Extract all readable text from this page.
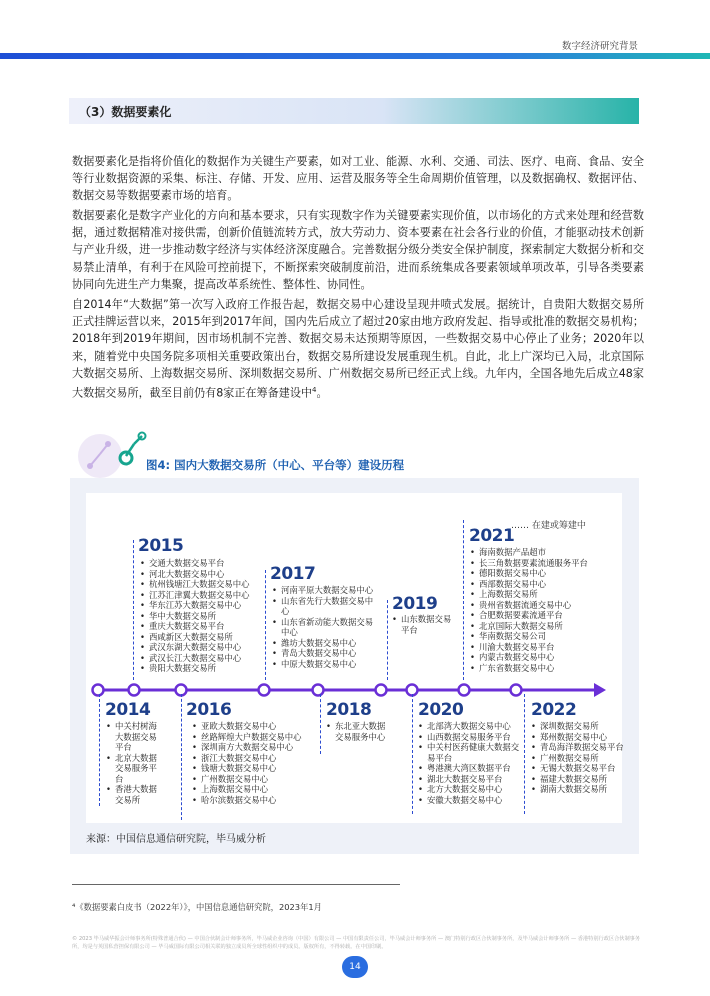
数字经济研究背景
（3）数据要素化

数据要素化是指将价值化的数据作为关键生产要素，如对工业、能源、水利、交通、司法、医疗、电商、食品、安全等行业数据资源的采集、标注、存储、开发、应用、运营及服务等全生命周期价值管理，以及数据确权、数据评估、数据交易等数据要素市场的培育。

数据要素化是数字产业化的方向和基本要求，只有实现数字作为关键要素实现价值，以市场化的方式来处理和经营数据，通过数据精准对接供需，创新价值链流转方式，放大劳动力、资本要素在社会各行业的价值，才能驱动技术创新与产业升级，进一步推动数字经济与实体经济深度融合。完善数据分级分类安全保护制度，探索制定大数据分析和交易禁止清单，有利于在风险可控前提下，不断探索突破制度前沿，进而系统集成各要素领域单项改革，引导各类要素协同向先进生产力集聚，提高改革系统性、整体性、协同性。

自2014年“大数据”第一次写入政府工作报告起，数据交易中心建设呈现井喷式发展。据统计，自贵阳大数据交易所正式挂牌运营以来，2015年到2017年间，国内先后成立了超过20家由地方政府发起、指导或批准的数据交易机构；2018年到2019年期间，因市场机制不完善、数据交易未达预期等原因，一些数据交易中心停止了业务；2020年以来，随着党中央国务院多项相关重要政策出台，数据交易所建设发展重现生机。自此，北上广深均已入局，北京国际大数据交易所、上海数据交易所、深圳数据交易所、广州数据交易所已经正式上线。九年内，全国各地先后成立48家大数据交易所，截至目前仍有8家正在筹备建设中$^4$。

图4: 国内大数据交易所（中心、平台等）建设历程
…… 在建或筹建中
2015
• 交通大数据交易平台
• 河北大数据交易中心
• 杭州钱塘江大数据交易中心
• 江苏汇津翼大数据交易中心
• 华东江苏大数据交易中心
• 华中大数据交易所
• 重庆大数据交易平台
• 西咸新区大数据交易所
• 武汉东湖大数据交易中心
• 武汉长江大数据交易中心
• 贵阳大数据交易所
2017
• 河南平原大数据交易中心
• 山东省先行大数据交易中心
• 山东省新动能大数据交易中心
• 潍坊大数据交易中心
• 青岛大数据交易中心
• 中原大数据交易中心
2019
• 山东数据交易平台
2021
• 海南数据产品超市
• 长三角数据要素流通服务平台
• 德阳数据交易中心
• 西部数据交易中心
• 上海数据交易所
• 贵州省数据流通交易中心
• 合肥数据要素流通平台
• 北京国际大数据交易所
• 华南数据交易公司
• 川渝大数据交易平台
• 内蒙古数据交易中心
• 广东省数据交易中心
2014
• 中关村树海大数据交易平台
• 北京大数据交易服务平台
• 香港大数据交易所
2016
• 亚欧大数据交易中心
• 丝路辉煌大户数据交易中心
• 深圳南方大数据交易中心
• 浙江大数据交易中心
• 钱塘大数据交易中心
• 广州数据交易中心
• 上海数据交易中心
• 哈尔滨数据交易中心
2018
• 东北亚大数据交易服务中心
2020
• 北部湾大数据交易中心
• 山西数据交易服务平台
• 中关村医药健康大数据交易平台
• 粤港澳大湾区数据平台
• 湖北大数据交易平台
• 北方大数据交易中心
• 安徽大数据交易中心
2022
• 深圳数据交易所
• 郑州数据交易中心
• 青岛海洋数据交易平台
• 广州数据交易所
• 无锡大数据交易平台
• 福建大数据交易所
• 湖南大数据交易所
来源：中国信息通信研究院，毕马威分析
⁴《数据要素白皮书（2022年）》，中国信息通信研究院，2023年1月
© 2023 毕马威华振会计师事务所(特殊普通合伙) — 中国合伙制会计师事务所，毕马威企业咨询（中国）有限公司 — 中国有限责任公司，毕马威会计师事务所 — 澳门特别行政区合伙制事务所，及毕马威会计师事务所 — 香港特别行政区合伙制事务所，均是与英国私营担保有限公司 — 毕马威国际有限公司相关联的独立成员所全球性组织中的成员。版权所有，不得转载。在中国印刷。
14
